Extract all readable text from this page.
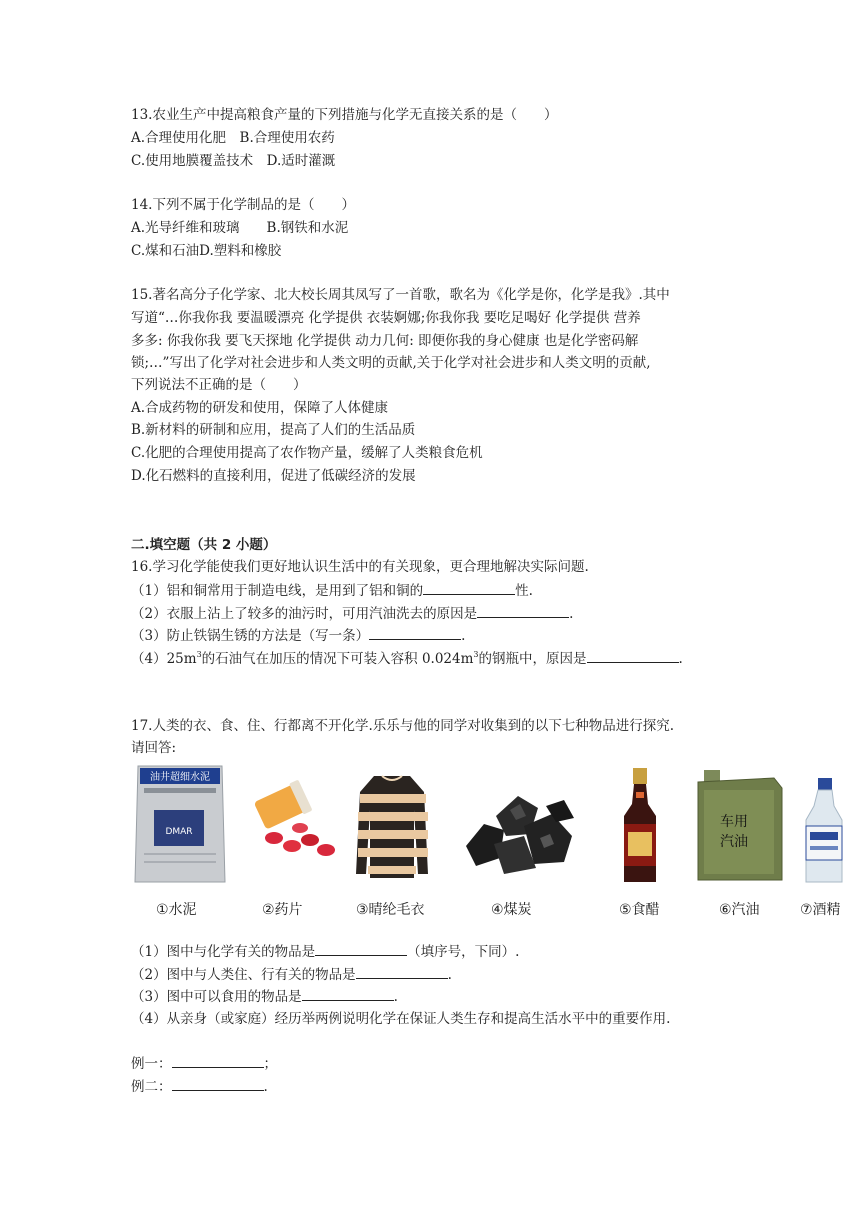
13.农业生产中提高粮食产量的下列措施与化学无直接关系的是（　　）
A.合理使用化肥　B.合理使用农药
C.使用地膜覆盖技术　D.适时灌溉
14.下列不属于化学制品的是（　　）
A.光导纤维和玻璃　　B.钢铁和水泥
C.煤和石油D.塑料和橡胶
15.著名高分子化学家、北大校长周其凤写了一首歌，歌名为《化学是你，化学是我》.其中
写道“…你我你我 要温暖漂亮 化学提供 衣装婀娜;你我你我 要吃足喝好 化学提供 营养
多多: 你我你我 要飞天探地 化学提供 动力几何: 即便你我的身心健康 也是化学密码解
锁;…”写出了化学对社会进步和人类文明的贡献,关于化学对社会进步和人类文明的贡献,
下列说法不正确的是（　　）
A.合成药物的研发和使用，保障了人体健康
B.新材料的研制和应用，提高了人们的生活品质
C.化肥的合理使用提高了农作物产量，缓解了人类粮食危机
D.化石燃料的直接利用，促进了低碳经济的发展
二.填空题（共 2 小题）
16.学习化学能使我们更好地认识生活中的有关现象，更合理地解决实际问题.
（1）铝和铜常用于制造电线，是用到了铝和铜的	性.
（2）衣服上沾上了较多的油污时，可用汽油洗去的原因是	.
（3）防止铁锅生锈的方法是（写一条）	.
$(4)25m^3$的石油气在加压的情况下可装入容积 $0.024m^3$的钢瓶中，原因是	.
17.人类的衣、食、住、行都离不开化学.乐乐与他的同学对收集到的以下七种物品进行探究.
请回答:
油井超细水泥
DMAR
车用
汽油
①水泥	②药片	③晴纶毛衣	④煤炭	⑤食醋	⑥汽油	⑦酒精
（1）图中与化学有关的物品是	（填序号，下同）.
（2）图中与人类住、行有关的物品是	.
（3）图中可以食用的物品是	.
（4）从亲身（或家庭）经历举两例说明化学在保证人类生存和提高生活水平中的重要作用.
例一：	；
例二：	.
